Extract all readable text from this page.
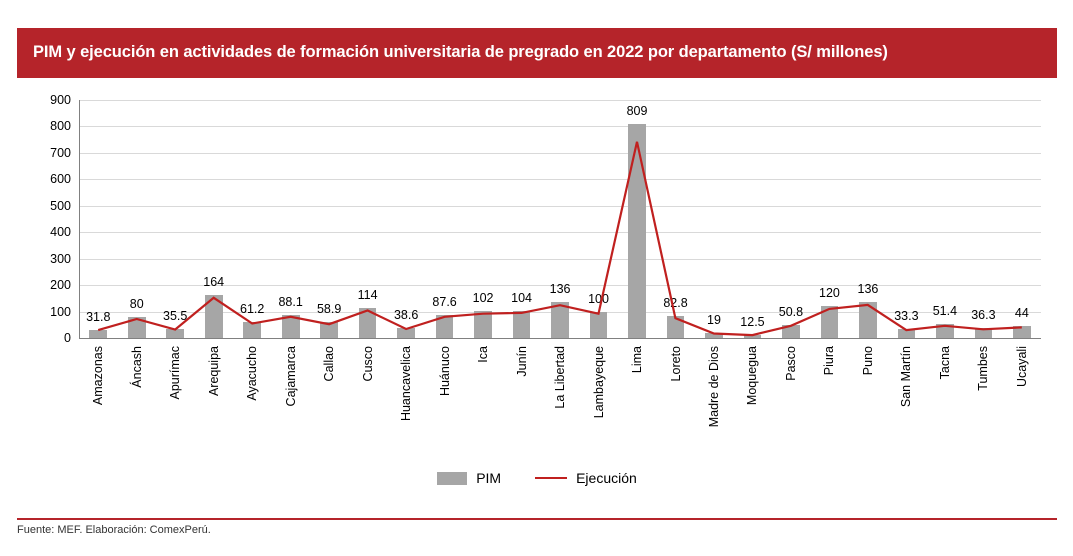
PIM y ejecución en actividades de formación universitaria de pregrado en 2022 por departamento (S/ millones)
0
100
200
300
400
500
600
700
800
900
31.8
80
35.5
164
61.2
88.1
58.9
114
38.6
87.6 102 104
136
100
809
82.8
19 12.5
50.8
120 136
33.3 51.4 36.3 44
Amazonas Áncash Apurímac Arequipa Ayacucho Cajamarca Callao Cusco Huancavelica Huánuco Ica Junín La Libertad Lambayeque Lima Loreto Madre de Dios Moquegua Pasco Piura Puno San Martín Tacna Tumbes Ucayali
PIM	Ejecución
Fuente: MEF. Elaboración: ComexPerú.
